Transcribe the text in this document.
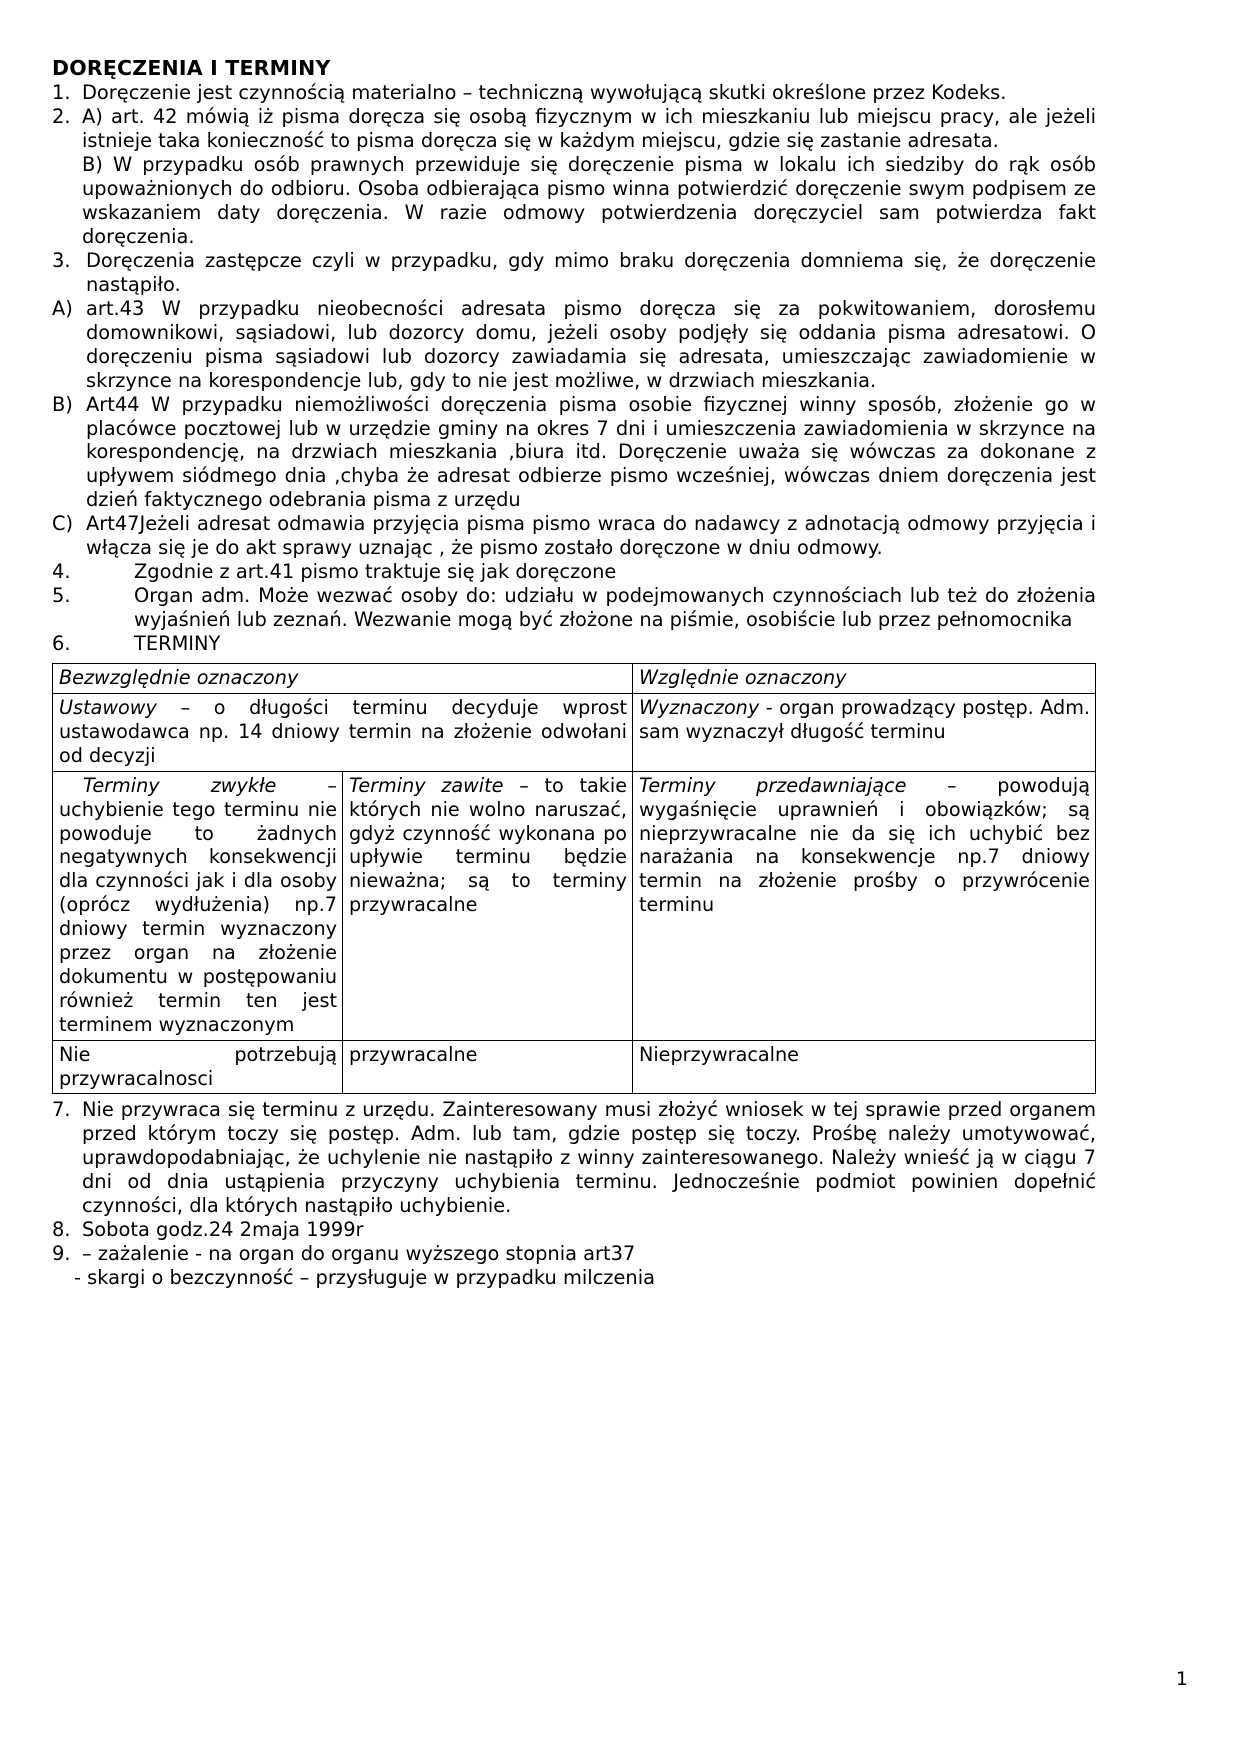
DORĘCZENIA I TERMINY
1. Doręczenie jest czynnością materialno – techniczną wywołującą skutki określone przez Kodeks.
2. A) art. 42 mówią iż pisma doręcza się osobą fizycznym w ich mieszkaniu lub miejscu pracy, ale jeżeli istnieje taka konieczność to pisma doręcza się w każdym miejscu, gdzie się zastanie adresata.

B) W przypadku osób prawnych przewiduje się doręczenie pisma w lokalu ich siedziby do rąk osób upoważnionych do odbioru. Osoba odbierająca pismo winna potwierdzić doręczenie swym podpisem ze wskazaniem daty doręczenia. W razie odmowy potwierdzenia doręczyciel sam potwierdza fakt doręczenia.

3. Doręczenia zastępcze czyli w przypadku, gdy mimo braku doręczenia domniema się, że doręczenie nastąpiło.
A) art.43 W przypadku nieobecności adresata pismo doręcza się za pokwitowaniem, dorosłemu domownikowi, sąsiadowi, lub dozorcy domu, jeżeli osoby podjęły się oddania pisma adresatowi. O doręczeniu pisma sąsiadowi lub dozorcy zawiadamia się adresata, umieszczając zawiadomienie w skrzynce na korespondencje lub, gdy to nie jest możliwe, w drzwiach mieszkania.
B) Art44 W przypadku niemożliwości doręczenia pisma osobie fizycznej winny sposób, złożenie go w placówce pocztowej lub w urzędzie gminy na okres 7 dni i umieszczenia zawiadomienia w skrzynce na korespondencję, na drzwiach mieszkania ,biura itd. Doręczenie uważa się wówczas za dokonane z upływem siódmego dnia ,chyba że adresat odbierze pismo wcześniej, wówczas dniem doręczenia jest dzień faktycznego odebrania pisma z urzędu
C) Art47Jeżeli adresat odmawia przyjęcia pisma pismo wraca do nadawcy z adnotacją odmowy przyjęcia i włącza się je do akt sprawy uznając , że pismo zostało doręczone w dniu odmowy.
4.	Zgodnie z art.41 pismo traktuje się jak doręczone
5.	Organ adm. Może wezwać osoby do: udziału w podejmowanych czynnościach lub też do złożenia wyjaśnień lub zeznań. Wezwanie mogą być złożone na piśmie, osobiście lub przez pełnomocnika
6.	TERMINY
Bezwzględnie oznaczony		Względnie oznaczony
Ustawowy – o długości terminu decyduje wprost ustawodawca np. 14 dniowy termin na złożenie odwołani od decyzji		Wyznaczony - organ prowadzący postęp. Adm. sam wyznaczył długość terminu
Terminy zwykłe – uchybienie tego terminu nie powoduje to żadnych negatywnych konsekwencji dla czynności jak i dla osoby (oprócz wydłużenia) np.7 dniowy termin wyznaczony przez organ na złożenie dokumentu w postępowaniu również termin ten jest terminem wyznaczonym	Terminy zawite – to takie których nie wolno naruszać, gdyż czynność wykonana po upływie terminu będzie nieważna; są to terminy przywracalne	Terminy przedawniające – powodują wygaśnięcie uprawnień i obowiązków; są nieprzywracalne nie da się ich uchybić bez narażania na konsekwencje np.7 dniowy termin na złożenie prośby o przywrócenie terminu
Nie potrzebują przywracalnosci	przywracalne	Nieprzywracalne
7. Nie przywraca się terminu z urzędu. Zainteresowany musi złożyć wniosek w tej sprawie przed organem przed którym toczy się postęp. Adm. lub tam, gdzie postęp się toczy. Prośbę należy umotywować, uprawdopodabniając, że uchylenie nie nastąpiło z winny zainteresowanego. Należy wnieść ją w ciągu 7 dni od dnia ustąpienia przyczyny uchybienia terminu. Jednocześnie podmiot powinien dopełnić czynności, dla których nastąpiło uchybienie.
8. Sobota godz.24 2maja 1999r
9. – zażalenie - na organ do organu wyższego stopnia art37

- skargi o bezczynność – przysługuje w przypadku milczenia

1
